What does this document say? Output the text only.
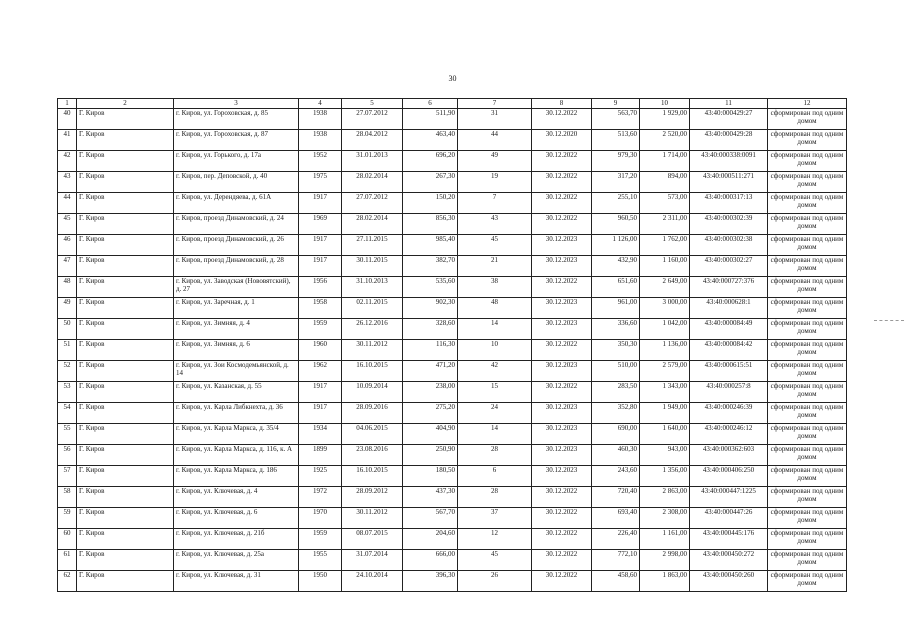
30
1	2	3	4	5	6	7	8	9	10	11	12
40	Г. Киров	г. Киров, ул. Гороховская, д. 85	1938	27.07.2012	511,90	31	30.12.2022	563,70	1 929,00	43:40:000429:27	сформирован под одним домом
41	Г. Киров	г. Киров, ул. Гороховская, д. 87	1938	28.04.2012	463,40	44	30.12.2020	513,60	2 520,00	43:40:000429:28	сформирован под одним домом
42	Г. Киров	г. Киров, ул. Горького, д. 17а	1952	31.01.2013	696,20	49	30.12.2022	979,30	1 714,00	43:40:000338:0091	сформирован под одним домом
43	Г. Киров	г. Киров, пер. Деповской, д. 40	1975	28.02.2014	267,30	19	30.12.2022	317,20	894,00	43:40:000511:271	сформирован под одним домом
44	Г. Киров	г. Киров, ул. Дерендяева, д. 61А	1917	27.07.2012	150,20	7	30.12.2022	255,10	573,00	43:40:000317:13	сформирован под одним домом
45	Г. Киров	г. Киров, проезд Динамовский, д. 24	1969	28.02.2014	856,30	43	30.12.2022	960,50	2 311,00	43:40:000302:39	сформирован под одним домом
46	Г. Киров	г. Киров, проезд Динамовский, д. 26	1917	27.11.2015	985,40	45	30.12.2023	1 126,00	1 762,00	43:40:000302:38	сформирован под одним домом
47	Г. Киров	г. Киров, проезд Динамовский, д. 28	1917	30.11.2015	382,70	21	30.12.2023	432,90	1 160,00	43:40:000302:27	сформирован под одним домом
48	Г. Киров	г. Киров, ул. Заводская (Нововятский), д. 27	1956	31.10.2013	535,60	38	30.12.2022	651,60	2 649,00	43:40:000727:376	сформирован под одним домом
49	Г. Киров	г. Киров, ул. Заречная, д. 1	1958	02.11.2015	902,30	48	30.12.2023	961,00	3 000,00	43:40:000628:1	сформирован под одним домом
50	Г. Киров	г. Киров, ул. Зимняя, д. 4	1959	26.12.2016	328,60	14	30.12.2023	336,60	1 042,00	43:40:000084:49	сформирован под одним домом
51	Г. Киров	г. Киров, ул. Зимняя, д. 6	1960	30.11.2012	116,30	10	30.12.2022	350,30	1 136,00	43:40:000084:42	сформирован под одним домом
52	Г. Киров	г. Киров, ул. Зои Космодемьянской, д. 14	1962	16.10.2015	471,20	42	30.12.2023	510,00	2 579,00	43:40:000615:51	сформирован под одним домом
53	Г. Киров	г. Киров, ул. Казанская, д. 55	1917	10.09.2014	238,00	15	30.12.2022	283,50	1 343,00	43:40:000257:8	сформирован под одним домом
54	Г. Киров	г. Киров, ул. Карла Либкнехта, д. 36	1917	28.09.2016	275,20	24	30.12.2023	352,80	1 949,00	43:40:000246:39	сформирован под одним домом
55	Г. Киров	г. Киров, ул. Карла Маркса, д. 35/4	1934	04.06.2015	404,90	14	30.12.2023	690,00	1 640,00	43:40:000246:12	сформирован под одним домом
56	Г. Киров	г. Киров, ул. Карла Маркса, д. 116, к. А	1899	23.08.2016	250,90	28	30.12.2023	460,30	943,00	43:40:000362:603	сформирован под одним домом
57	Г. Киров	г. Киров, ул. Карла Маркса, д. 186	1925	16.10.2015	180,50	6	30.12.2023	243,60	1 356,00	43:40:000406:250	сформирован под одним домом
58	Г. Киров	г. Киров, ул. Ключевая, д. 4	1972	28.09.2012	437,30	28	30.12.2022	720,40	2 863,00	43:40:000447:1225	сформирован под одним домом
59	Г. Киров	г. Киров, ул. Ключевая, д. 6	1970	30.11.2012	567,70	37	30.12.2022	693,40	2 308,00	43:40:000447:26	сформирован под одним домом
60	Г. Киров	г. Киров, ул. Ключевая, д. 21б	1959	08.07.2015	204,60	12	30.12.2022	226,40	1 161,00	43:40:000445:176	сформирован под одним домом
61	Г. Киров	г. Киров, ул. Ключевая, д. 25а	1955	31.07.2014	666,00	45	30.12.2022	772,10	2 998,00	43:40:000450:272	сформирован под одним домом
62	Г. Киров	г. Киров, ул. Ключевая, д. 31	1950	24.10.2014	396,30	26	30.12.2022	458,60	1 863,00	43:40:000450:260	сформирован под одним домом
